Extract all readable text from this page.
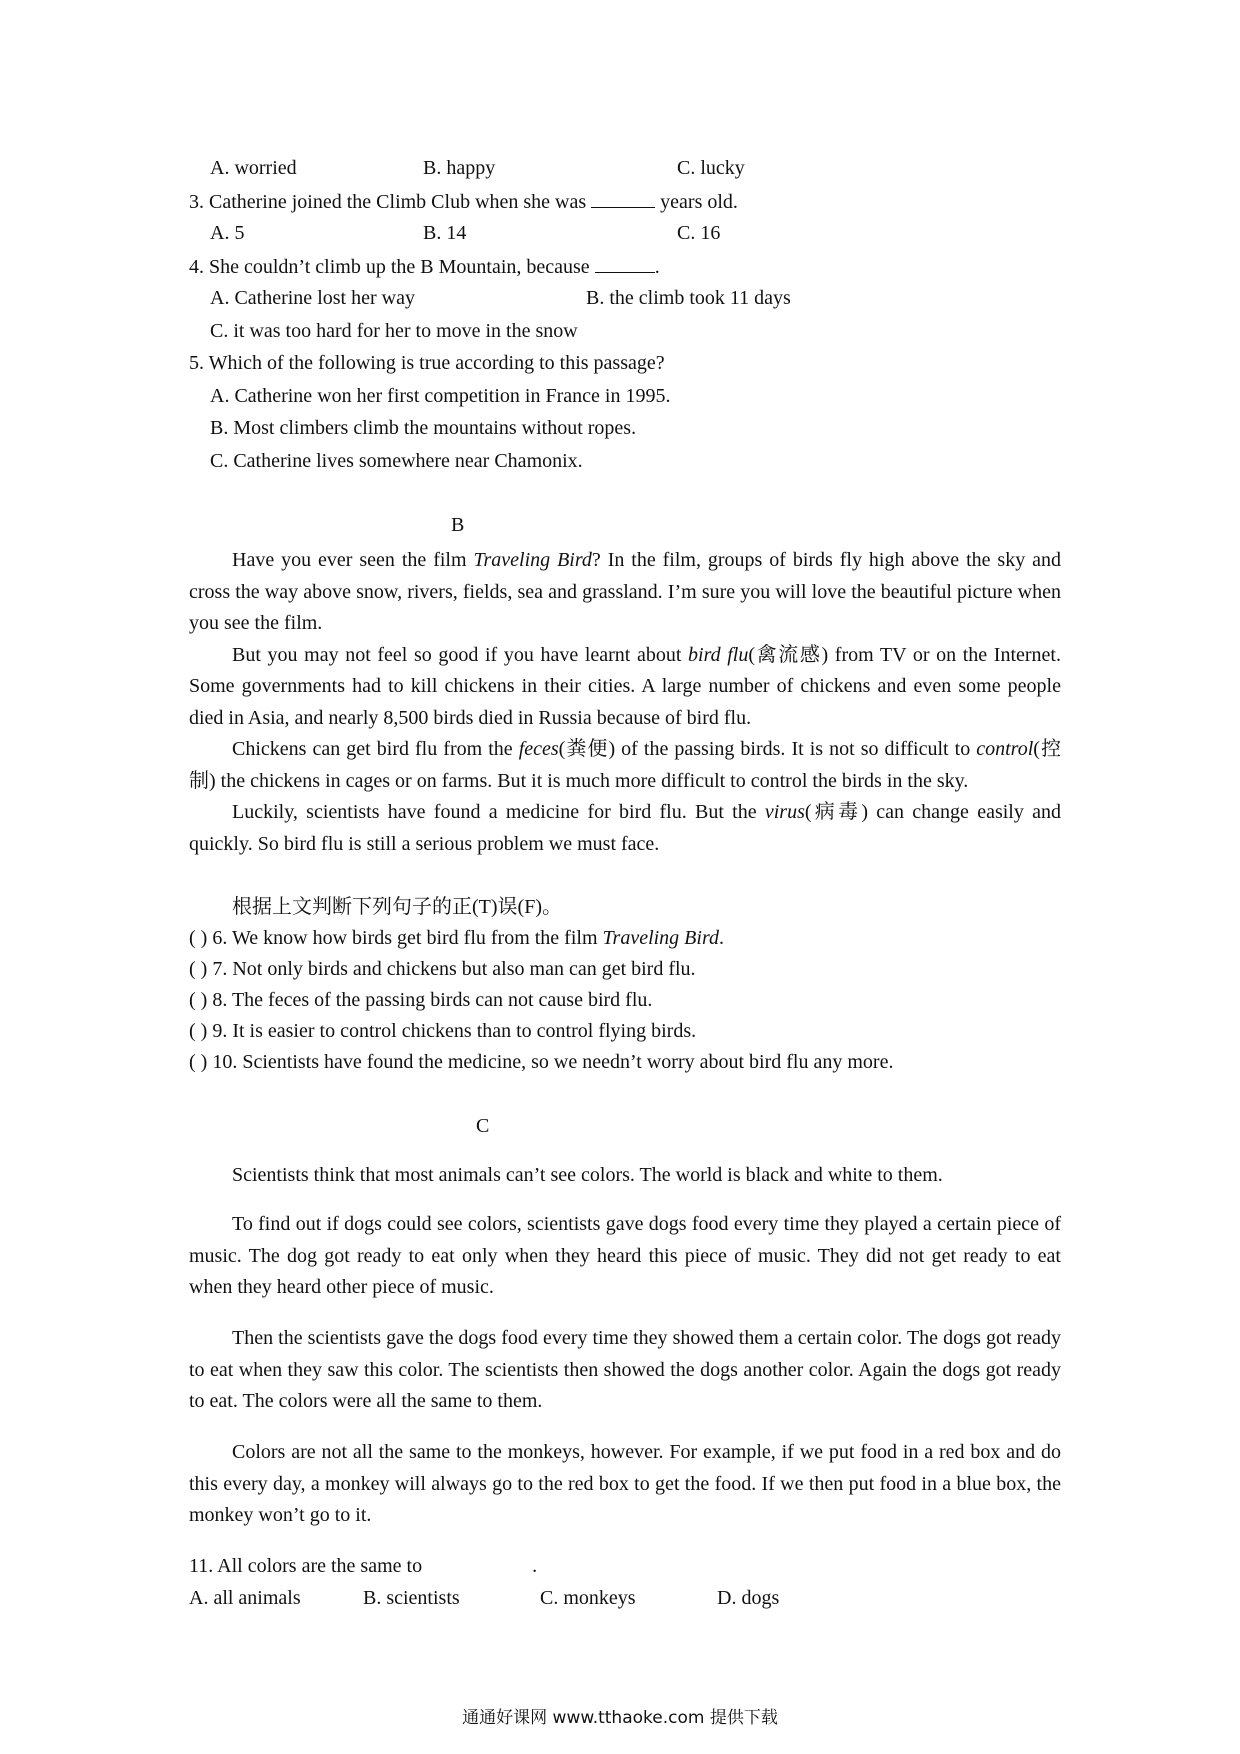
A. worried	B. happy	C. lucky
3. Catherine joined the Climb Club when she was	years old.
A. 5	B. 14	C. 16
4. She couldn’t climb up the B Mountain, because	.
A. Catherine lost her way	B. the climb took 11 days
C. it was too hard for her to move in the snow
5. Which of the following is true according to this passage?
A. Catherine won her first competition in France in 1995.
B. Most climbers climb the mountains without ropes.
C. Catherine lives somewhere near Chamonix.
B

Have you ever seen the film Traveling Bird? In the film, groups of birds fly high above the sky and cross the way above snow, rivers, fields, sea and grassland. I’m sure you will love the beautiful picture when you see the film.

But you may not feel so good if you have learnt about bird flu(禽流感) from TV or on the Internet. Some governments had to kill chickens in their cities. A large number of chickens and even some people died in Asia, and nearly 8,500 birds died in Russia because of bird flu.

Chickens can get bird flu from the feces(粪便) of the passing birds. It is not so difficult to control(控制) the chickens in cages or on farms. But it is much more difficult to control the birds in the sky.

Luckily, scientists have found a medicine for bird flu. But the virus(病毒) can change easily and quickly. So bird flu is still a serious problem we must face.

根据上文判断下列句子的正(T)误(F)。
( ) 6. We know how birds get bird flu from the film Traveling Bird.
( ) 7. Not only birds and chickens but also man can get bird flu.
( ) 8. The feces of the passing birds can not cause bird flu.
( ) 9. It is easier to control chickens than to control flying birds.
( ) 10. Scientists have found the medicine, so we needn’t worry about bird flu any more.
C

Scientists think that most animals can’t see colors. The world is black and white to them.

To find out if dogs could see colors, scientists gave dogs food every time they played a certain piece of music. The dog got ready to eat only when they heard this piece of music. They did not get ready to eat when they heard other piece of music.

Then the scientists gave the dogs food every time they showed them a certain color. The dogs got ready to eat when they saw this color. The scientists then showed the dogs another color. Again the dogs got ready to eat. The colors were all the same to them.

Colors are not all the same to the monkeys, however. For example, if we put food in a red box and do this every day, a monkey will always go to the red box to get the food. If we then put food in a blue box, the monkey won’t go to it.

11. All colors are the same to	.
A. all animals	B. scientists	C. monkeys	D. dogs
通通好课网 www.tthaoke.com 提供下载
